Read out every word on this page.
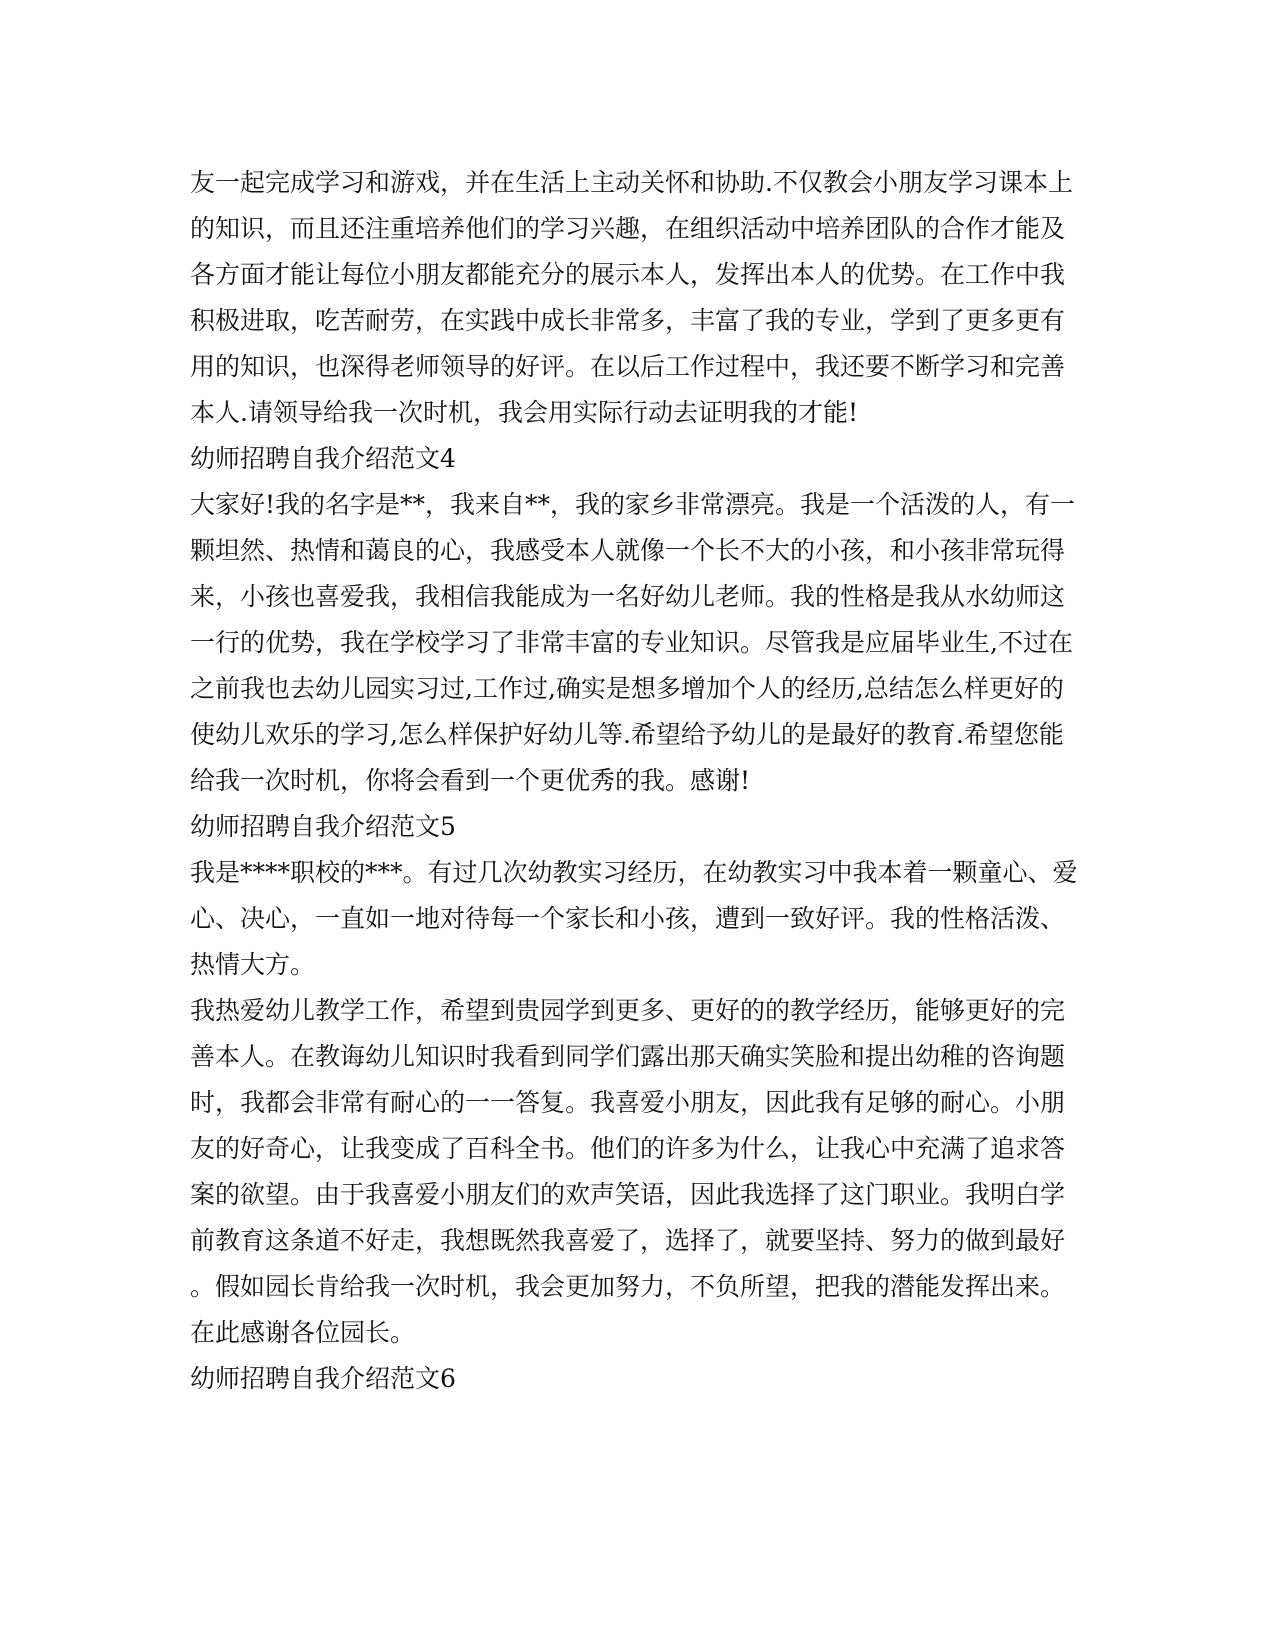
友一起完成学习和游戏，并在生活上主动关怀和协助.不仅教会小朋友学习课本上
的知识，而且还注重培养他们的学习兴趣，在组织活动中培养团队的合作才能及
各方面才能让每位小朋友都能充分的展示本人，发挥出本人的优势。在工作中我
积极进取，吃苦耐劳，在实践中成长非常多，丰富了我的专业，学到了更多更有
用的知识，也深得老师领导的好评。在以后工作过程中，我还要不断学习和完善
本人.请领导给我一次时机，我会用实际行动去证明我的才能!
幼师招聘自我介绍范文4
大家好!我的名字是**，我来自**，我的家乡非常漂亮。我是一个活泼的人，有一
颗坦然、热情和蔼良的心，我感受本人就像一个长不大的小孩，和小孩非常玩得
来，小孩也喜爱我，我相信我能成为一名好幼儿老师。我的性格是我从水幼师这
一行的优势，我在学校学习了非常丰富的专业知识。尽管我是应届毕业生,不过在
之前我也去幼儿园实习过,工作过,确实是想多增加个人的经历,总结怎么样更好的
使幼儿欢乐的学习,怎么样保护好幼儿等.希望给予幼儿的是最好的教育.希望您能
给我一次时机，你将会看到一个更优秀的我。感谢!
幼师招聘自我介绍范文5
我是****职校的***。有过几次幼教实习经历，在幼教实习中我本着一颗童心、爱
心、决心，一直如一地对待每一个家长和小孩，遭到一致好评。我的性格活泼、
热情大方。
我热爱幼儿教学工作，希望到贵园学到更多、更好的的教学经历，能够更好的完
善本人。在教诲幼儿知识时我看到同学们露出那天确实笑脸和提出幼稚的咨询题
时，我都会非常有耐心的一一答复。我喜爱小朋友，因此我有足够的耐心。小朋
友的好奇心，让我变成了百科全书。他们的许多为什么，让我心中充满了追求答
案的欲望。由于我喜爱小朋友们的欢声笑语，因此我选择了这门职业。我明白学
前教育这条道不好走，我想既然我喜爱了，选择了，就要坚持、努力的做到最好
。假如园长肯给我一次时机，我会更加努力，不负所望，把我的潜能发挥出来。
在此感谢各位园长。
幼师招聘自我介绍范文6
